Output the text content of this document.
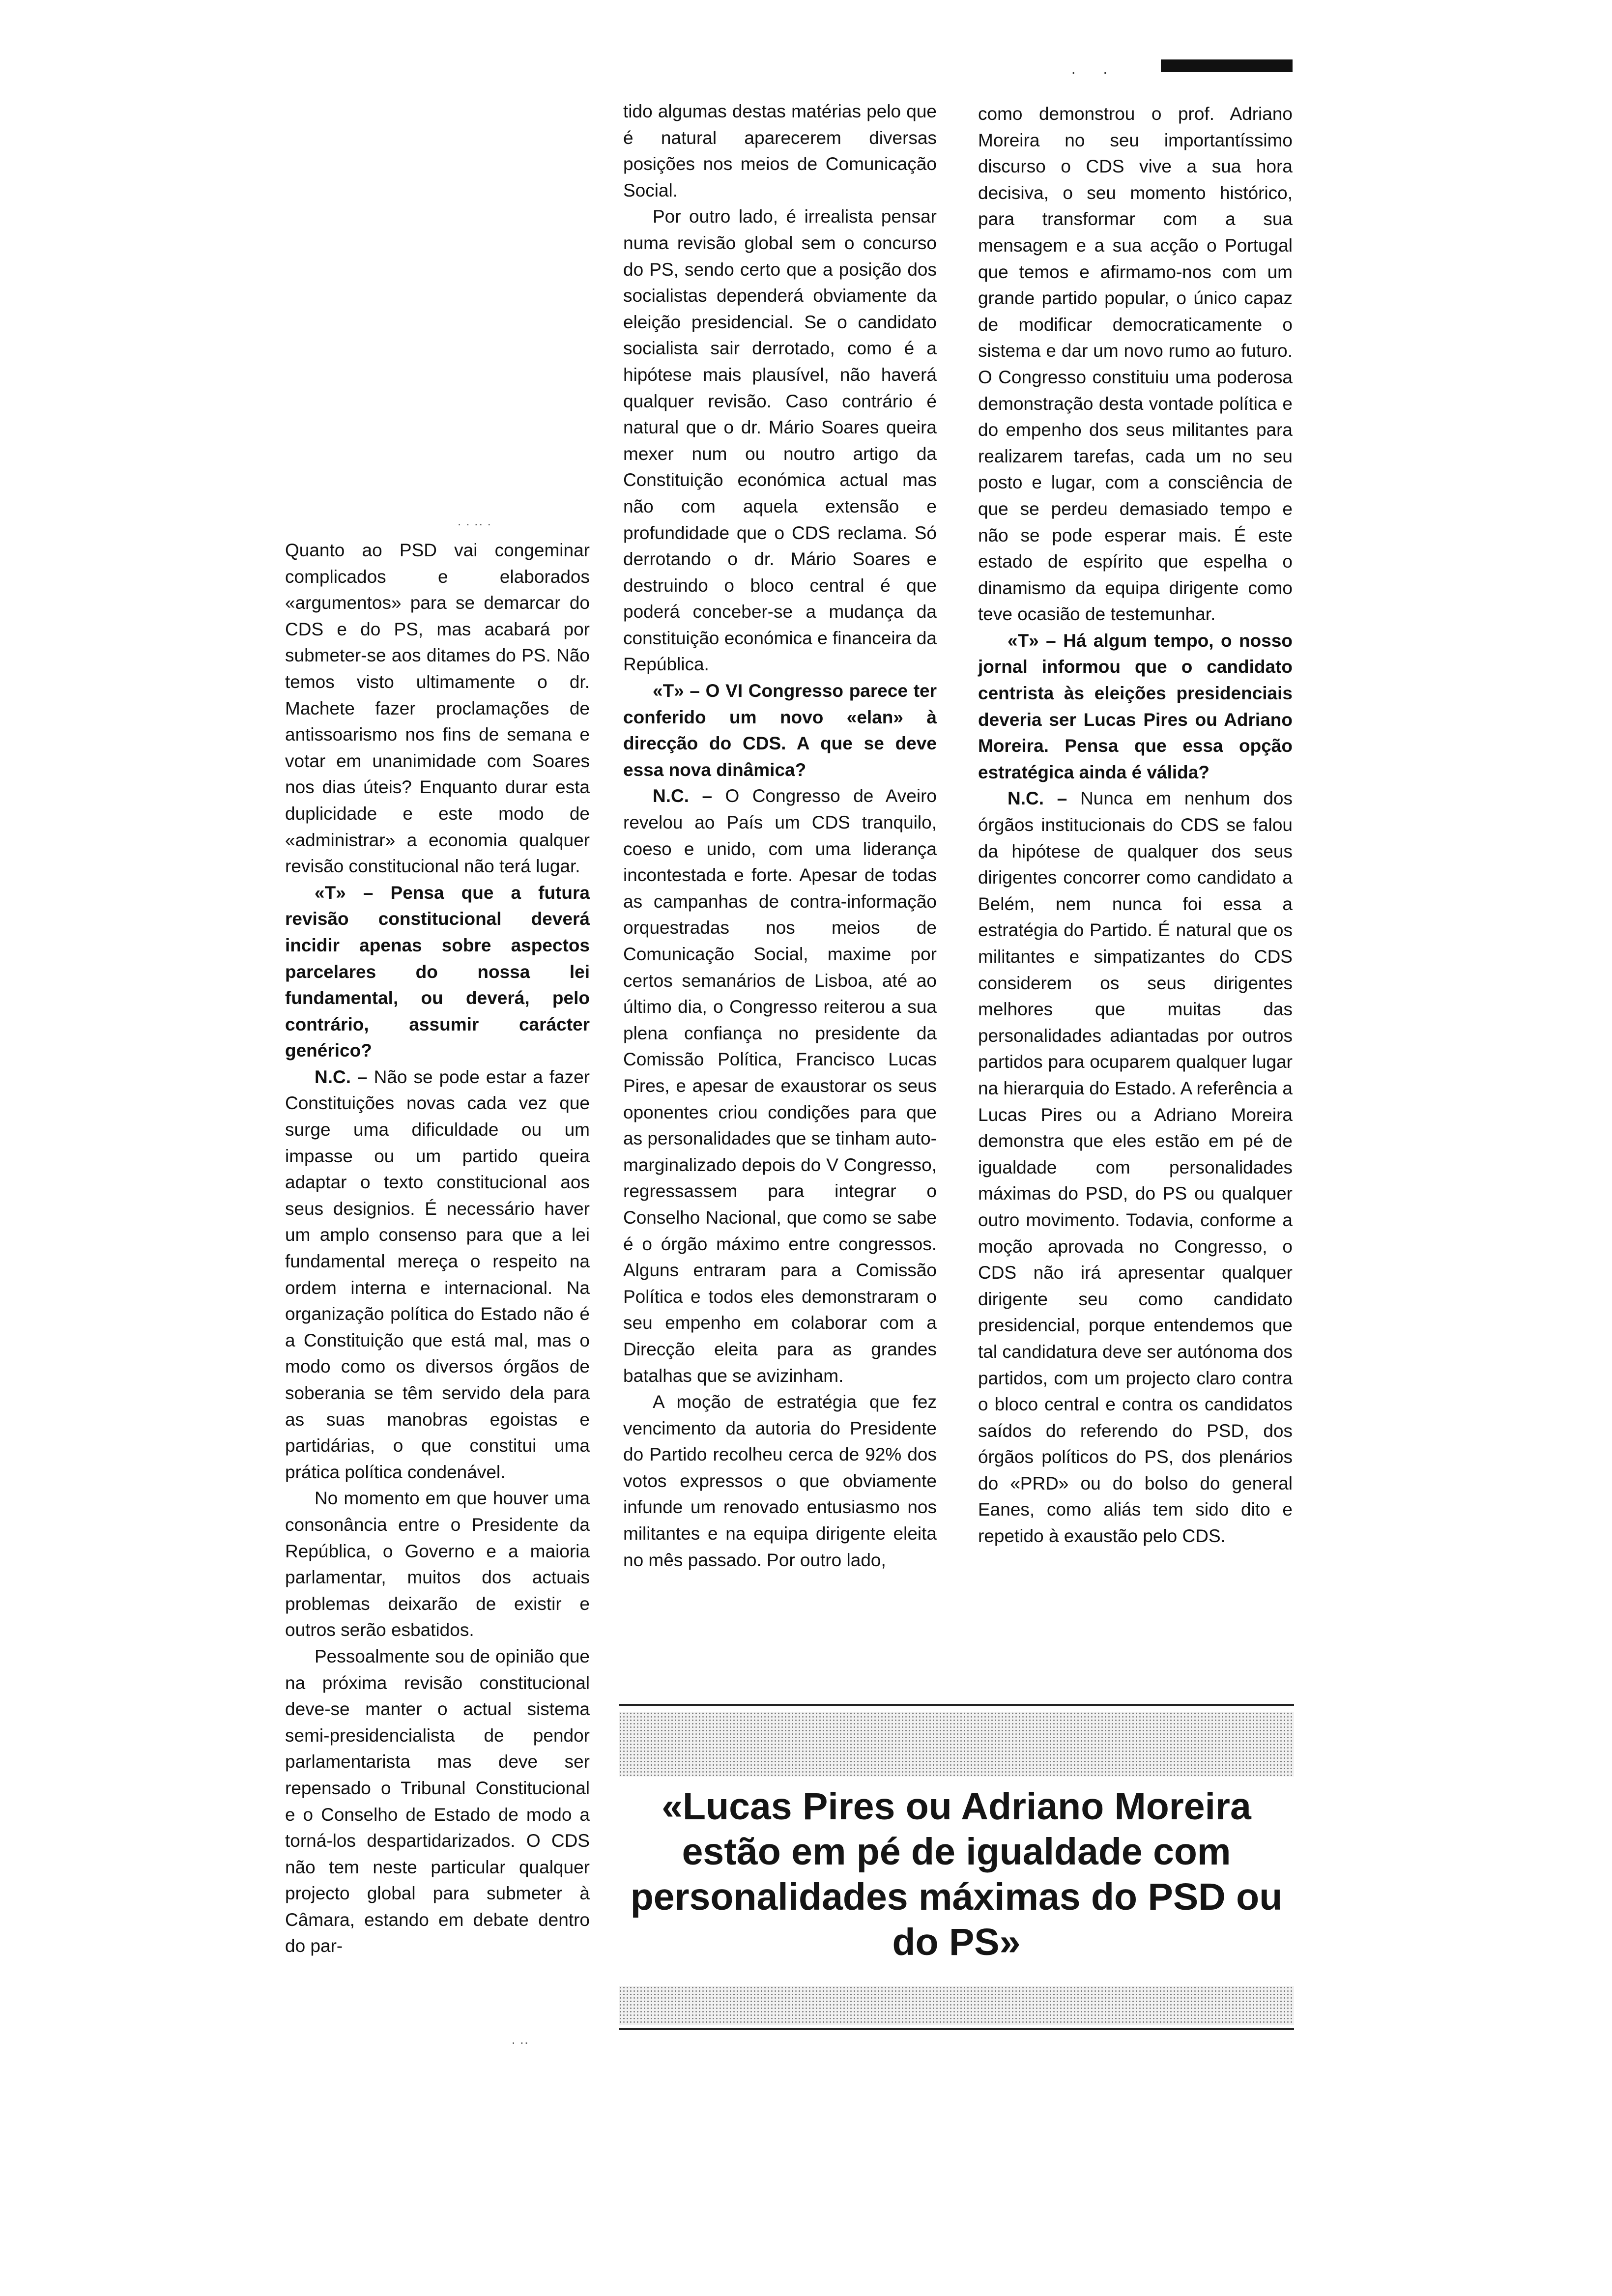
. .
· · ·· ·
· ··

Quanto ao PSD vai congeminar complicados e elaborados «argumentos» para se demarcar do CDS e do PS, mas acabará por submeter-se aos ditames do PS. Não temos visto ultimamente o dr. Machete fazer proclamações de antissoarismo nos fins de semana e votar em unanimidade com Soares nos dias úteis? Enquanto durar esta duplicidade e este modo de «administrar» a economia qualquer revisão constitucional não terá lugar.

«T» – Pensa que a futura revisão constitucional deverá incidir apenas sobre aspectos parcelares do nossa lei fundamental, ou deverá, pelo contrário, assumir carácter genérico?

N.C. – Não se pode estar a fazer Constituições novas cada vez que surge uma dificuldade ou um impasse ou um partido queira adaptar o texto constitucional aos seus designios. É necessário haver um amplo consenso para que a lei fundamental mereça o respeito na ordem interna e internacional. Na organização política do Estado não é a Constituição que está mal, mas o modo como os diversos órgãos de soberania se têm servido dela para as suas manobras egoistas e partidárias, o que constitui uma prática política condenável.

No momento em que houver uma consonância entre o Presidente da República, o Governo e a maioria parlamentar, muitos dos actuais problemas deixarão de existir e outros serão esbatidos.

Pessoalmente sou de opinião que na próxima revisão constitucional deve-se manter o actual sistema semi-presidencialista de pendor parlamentarista mas deve ser repensado o Tribunal Constitucional e o Conselho de Estado de modo a torná-los despartidarizados. O CDS não tem neste particular qualquer projecto global para submeter à Câmara, estando em debate dentro do par-

tido algumas destas matérias pelo que é natural aparecerem diversas posições nos meios de Comunicação Social.

Por outro lado, é irrealista pensar numa revisão global sem o concurso do PS, sendo certo que a posição dos socialistas dependerá obviamente da eleição presidencial. Se o candidato socialista sair derrotado, como é a hipótese mais plausível, não haverá qualquer revisão. Caso contrário é natural que o dr. Mário Soares queira mexer num ou noutro artigo da Constituição económica actual mas não com aquela extensão e profundidade que o CDS reclama. Só derrotando o dr. Mário Soares e destruindo o bloco central é que poderá conceber-se a mudança da constituição económica e financeira da República.

«T» – O VI Congresso parece ter conferido um novo «elan» à direcção do CDS. A que se deve essa nova dinâmica?

N.C. – O Congresso de Aveiro revelou ao País um CDS tranquilo, coeso e unido, com uma liderança incontestada e forte. Apesar de todas as campanhas de contra-informação orquestradas nos meios de Comunicação Social, maxime por certos semanários de Lisboa, até ao último dia, o Congresso reiterou a sua plena confiança no presidente da Comissão Política, Francisco Lucas Pires, e apesar de exaustorar os seus oponentes criou condições para que as personalidades que se tinham auto-marginalizado depois do V Congresso, regressassem para integrar o Conselho Nacional, que como se sabe é o órgão máximo entre congressos. Alguns entraram para a Comissão Política e todos eles demonstraram o seu empenho em colaborar com a Direcção eleita para as grandes batalhas que se avizinham.

A moção de estratégia que fez vencimento da autoria do Presidente do Partido recolheu cerca de 92% dos votos expressos o que obviamente infunde um renovado entusiasmo nos militantes e na equipa dirigente eleita no mês passado. Por outro lado,

como demonstrou o prof. Adriano Moreira no seu importantíssimo discurso o CDS vive a sua hora decisiva, o seu momento histórico, para transformar com a sua mensagem e a sua acção o Portugal que temos e afirmamo-nos com um grande partido popular, o único capaz de modificar democraticamente o sistema e dar um novo rumo ao futuro. O Congresso constituiu uma poderosa demonstração desta vontade política e do empenho dos seus militantes para realizarem tarefas, cada um no seu posto e lugar, com a consciência de que se perdeu demasiado tempo e não se pode esperar mais. É este estado de espírito que espelha o dinamismo da equipa dirigente como teve ocasião de testemunhar.

«T» – Há algum tempo, o nosso jornal informou que o candidato centrista às eleições presidenciais deveria ser Lucas Pires ou Adriano Moreira. Pensa que essa opção estratégica ainda é válida?

N.C. – Nunca em nenhum dos órgãos institucionais do CDS se falou da hipótese de qualquer dos seus dirigentes concorrer como candidato a Belém, nem nunca foi essa a estratégia do Partido. É natural que os militantes e simpatizantes do CDS considerem os seus dirigentes melhores que muitas das personalidades adiantadas por outros partidos para ocuparem qualquer lugar na hierarquia do Estado. A referência a Lucas Pires ou a Adriano Moreira demonstra que eles estão em pé de igualdade com personalidades máximas do PSD, do PS ou qualquer outro movimento. Todavia, conforme a moção aprovada no Congresso, o CDS não irá apresentar qualquer dirigente seu como candidato presidencial, porque entendemos que tal candidatura deve ser autónoma dos partidos, com um projecto claro contra o bloco central e contra os candidatos saídos do referendo do PSD, dos órgãos políticos do PS, dos plenários do «PRD» ou do bolso do general Eanes, como aliás tem sido dito e repetido à exaustão pelo CDS.

«Lucas Pires ou Adriano Moreira estão em pé de igualdade com personalidades máximas do PSD ou do PS»
